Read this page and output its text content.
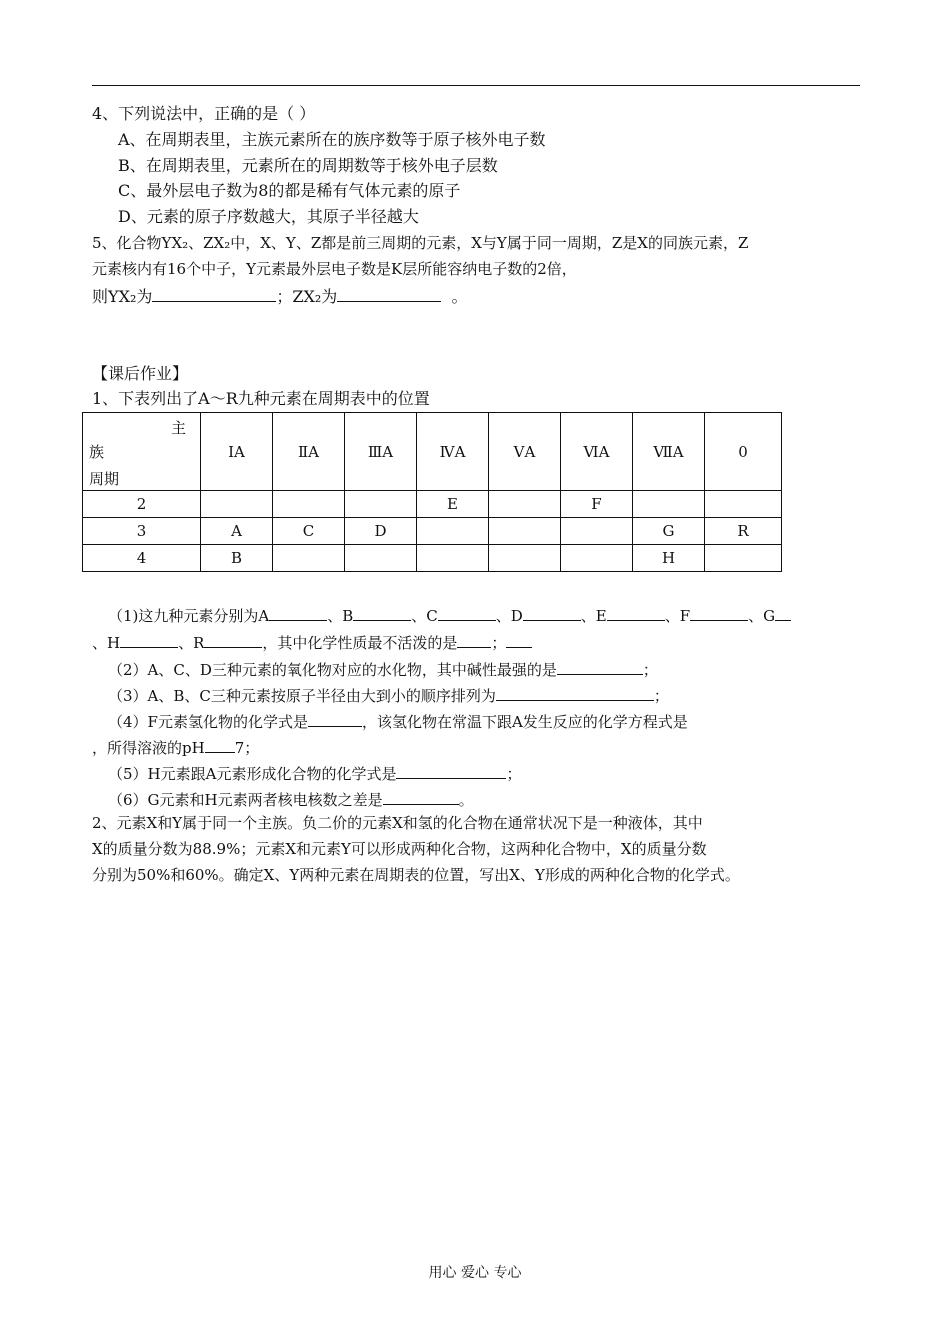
4、下列说法中，正确的是（ ）
A、在周期表里，主族元素所在的族序数等于原子核外电子数
B、在周期表里，元素所在的周期数等于核外电子层数
C、最外层电子数为8的都是稀有气体元素的原子
D、元素的原子序数越大，其原子半径越大
5、化合物YX₂、ZX₂中，X、Y、Z都是前三周期的元素，X与Y属于同一周期，Z是X的同族元素，Z
元素核内有16个中子，Y元素最外层电子数是K层所能容纳电子数的2倍，
则YX₂为	；ZX₂为	。
【课后作业】
1、下表列出了A～R九种元素在周期表中的位置
主
族
周期	ⅠA	ⅡA	ⅢA	ⅣA	ⅤA	ⅥA	ⅦA	0
2				E		F		
3	A	C	D				G	R
4	B						H	
（1)这九种元素分别为A	、B	、C	、D	、E	、F	、G
、H	、R	，其中化学性质最不活泼的是 ；
（2）A、C、D三种元素的氧化物对应的水化物，其中碱性最强的是	；
（3）A、B、C三种元素按原子半径由大到小的顺序排列为	；
（4）F元素氢化物的化学式是	，该氢化物在常温下跟A发生反应的化学方程式是
，所得溶液的pH 7；
（5）H元素跟A元素形成化合物的化学式是	；
（6）G元素和H元素两者核电核数之差是	。
2、元素X和Y属于同一个主族。负二价的元素X和氢的化合物在通常状况下是一种液体，其中
X的质量分数为88.9%；元素X和元素Y可以形成两种化合物，这两种化合物中，X的质量分数
分别为50%和60%。确定X、Y两种元素在周期表的位置，写出X、Y形成的两种化合物的化学式。
用心 爱心 专心
